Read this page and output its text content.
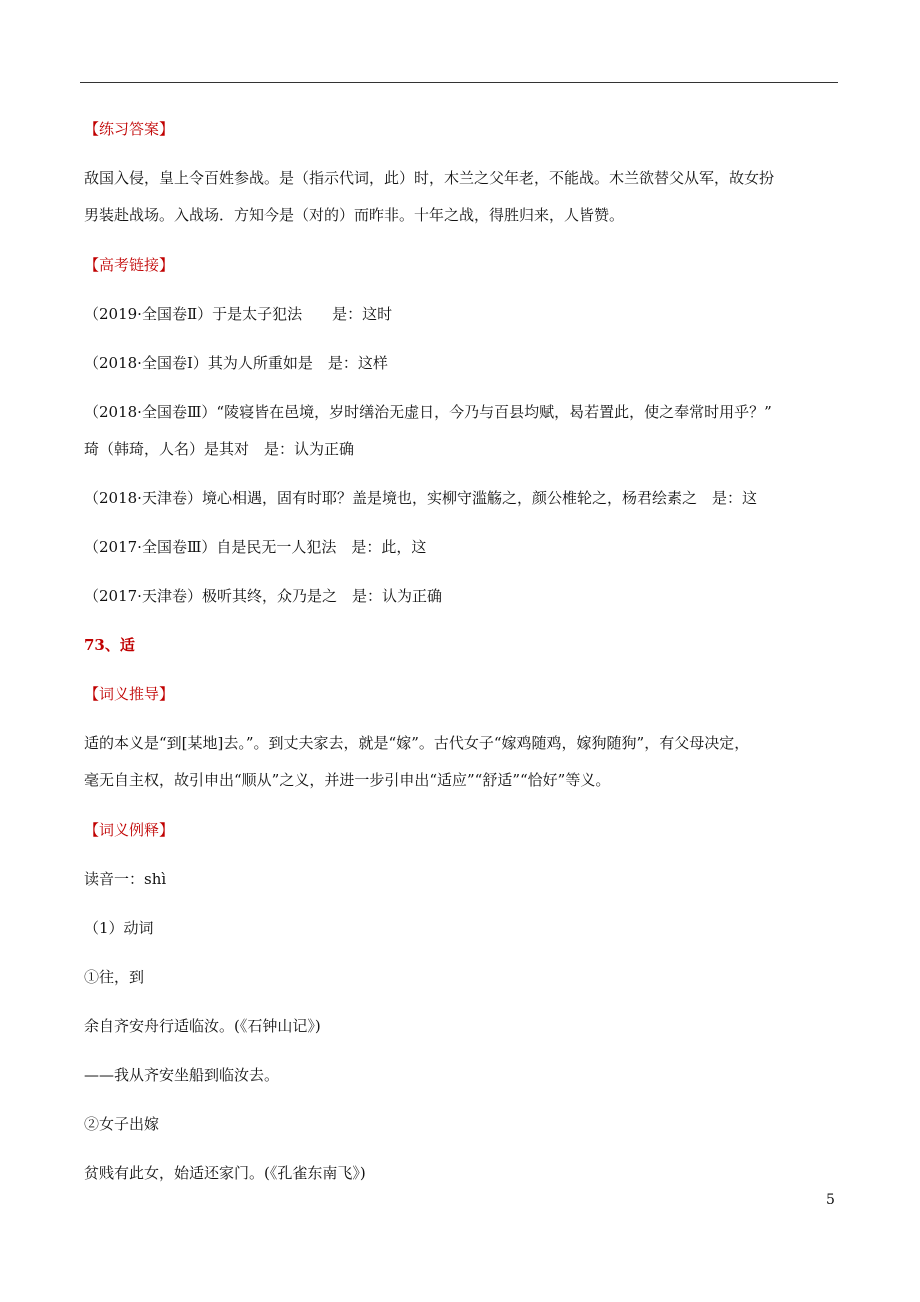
【练习答案】
敌国入侵，皇上令百姓参战。是（指示代词，此）时，木兰之父年老，不能战。木兰欲替父从军，故女扮
男装赴战场。入战场．方知今是（对的）而昨非。十年之战，得胜归来，人皆赞。
【高考链接】
（2019·全国卷Ⅱ）于是太子犯法　　是：这时
（2018·全国卷Ⅰ）其为人所重如是　是：这样
（2018·全国卷Ⅲ）“陵寝皆在邑境，岁时缮治无虚日，今乃与百县均赋，曷若置此，使之奉常时用乎？”
琦（韩琦，人名）是其对　是：认为正确
（2018·天津卷）境心相遇，固有时耶？盖是境也，实柳守滥觞之，颜公椎轮之，杨君绘素之　是：这
（2017·全国卷Ⅲ）自是民无一人犯法　是：此，这
（2017·天津卷）极听其终，众乃是之　是：认为正确
73、适
【词义推导】
适的本义是“到[某地]去。”。到丈夫家去，就是“嫁”。古代女子“嫁鸡随鸡，嫁狗随狗”，有父母决定，
毫无自主权，故引申出“顺从”之义，并进一步引申出“适应”“舒适”“恰好”等义。
【词义例释】
读音一：shì
（1）动词
①往，到
余自齐安舟行适临汝。(《石钟山记》)
——我从齐安坐船到临汝去。
②女子出嫁
贫贱有此女，始适还家门。(《孔雀东南飞》)
5
